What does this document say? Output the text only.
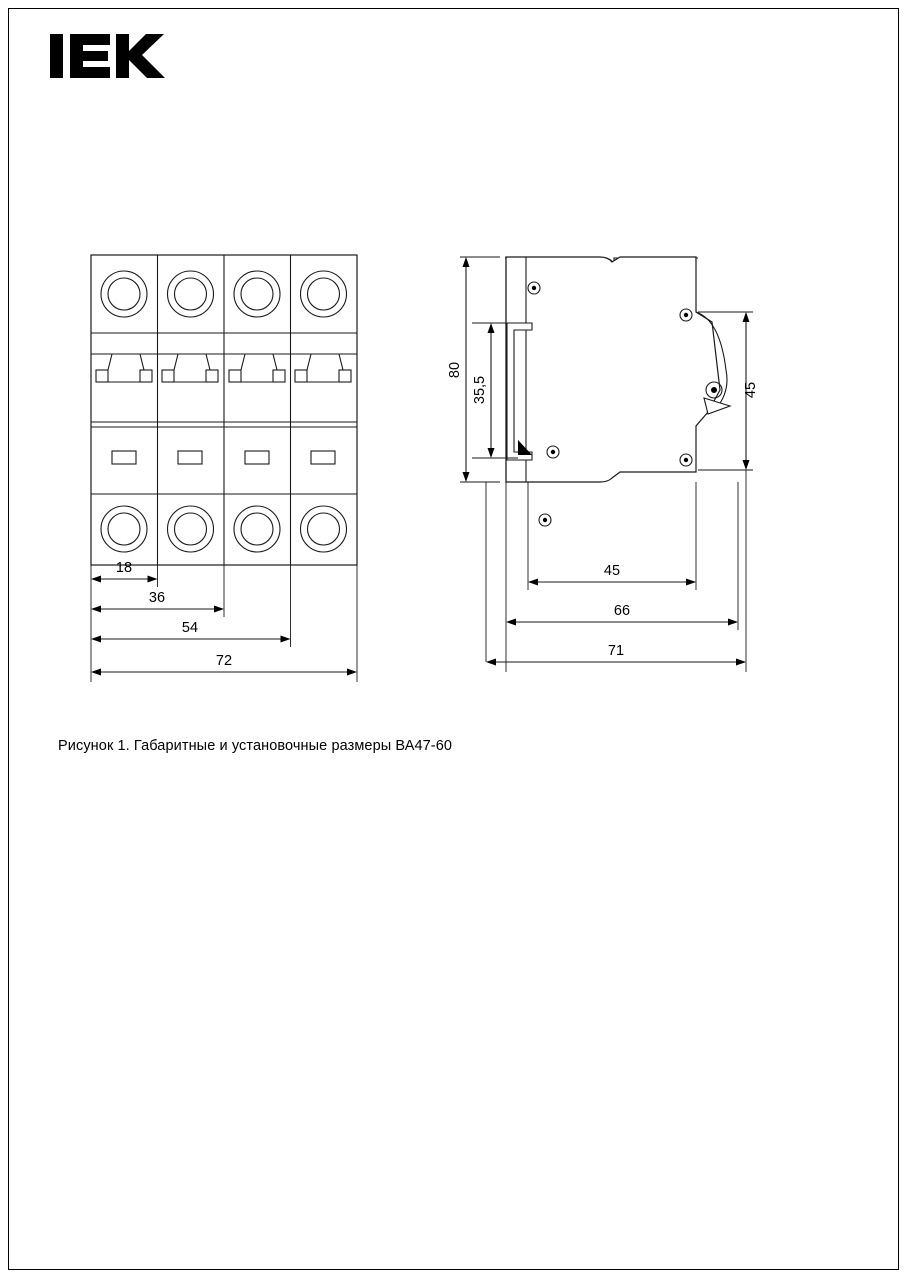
18
36
54
72
80
35,5	45
45
66
71
Рисунок 1. Габаритные и установочные размеры ВА47-60
